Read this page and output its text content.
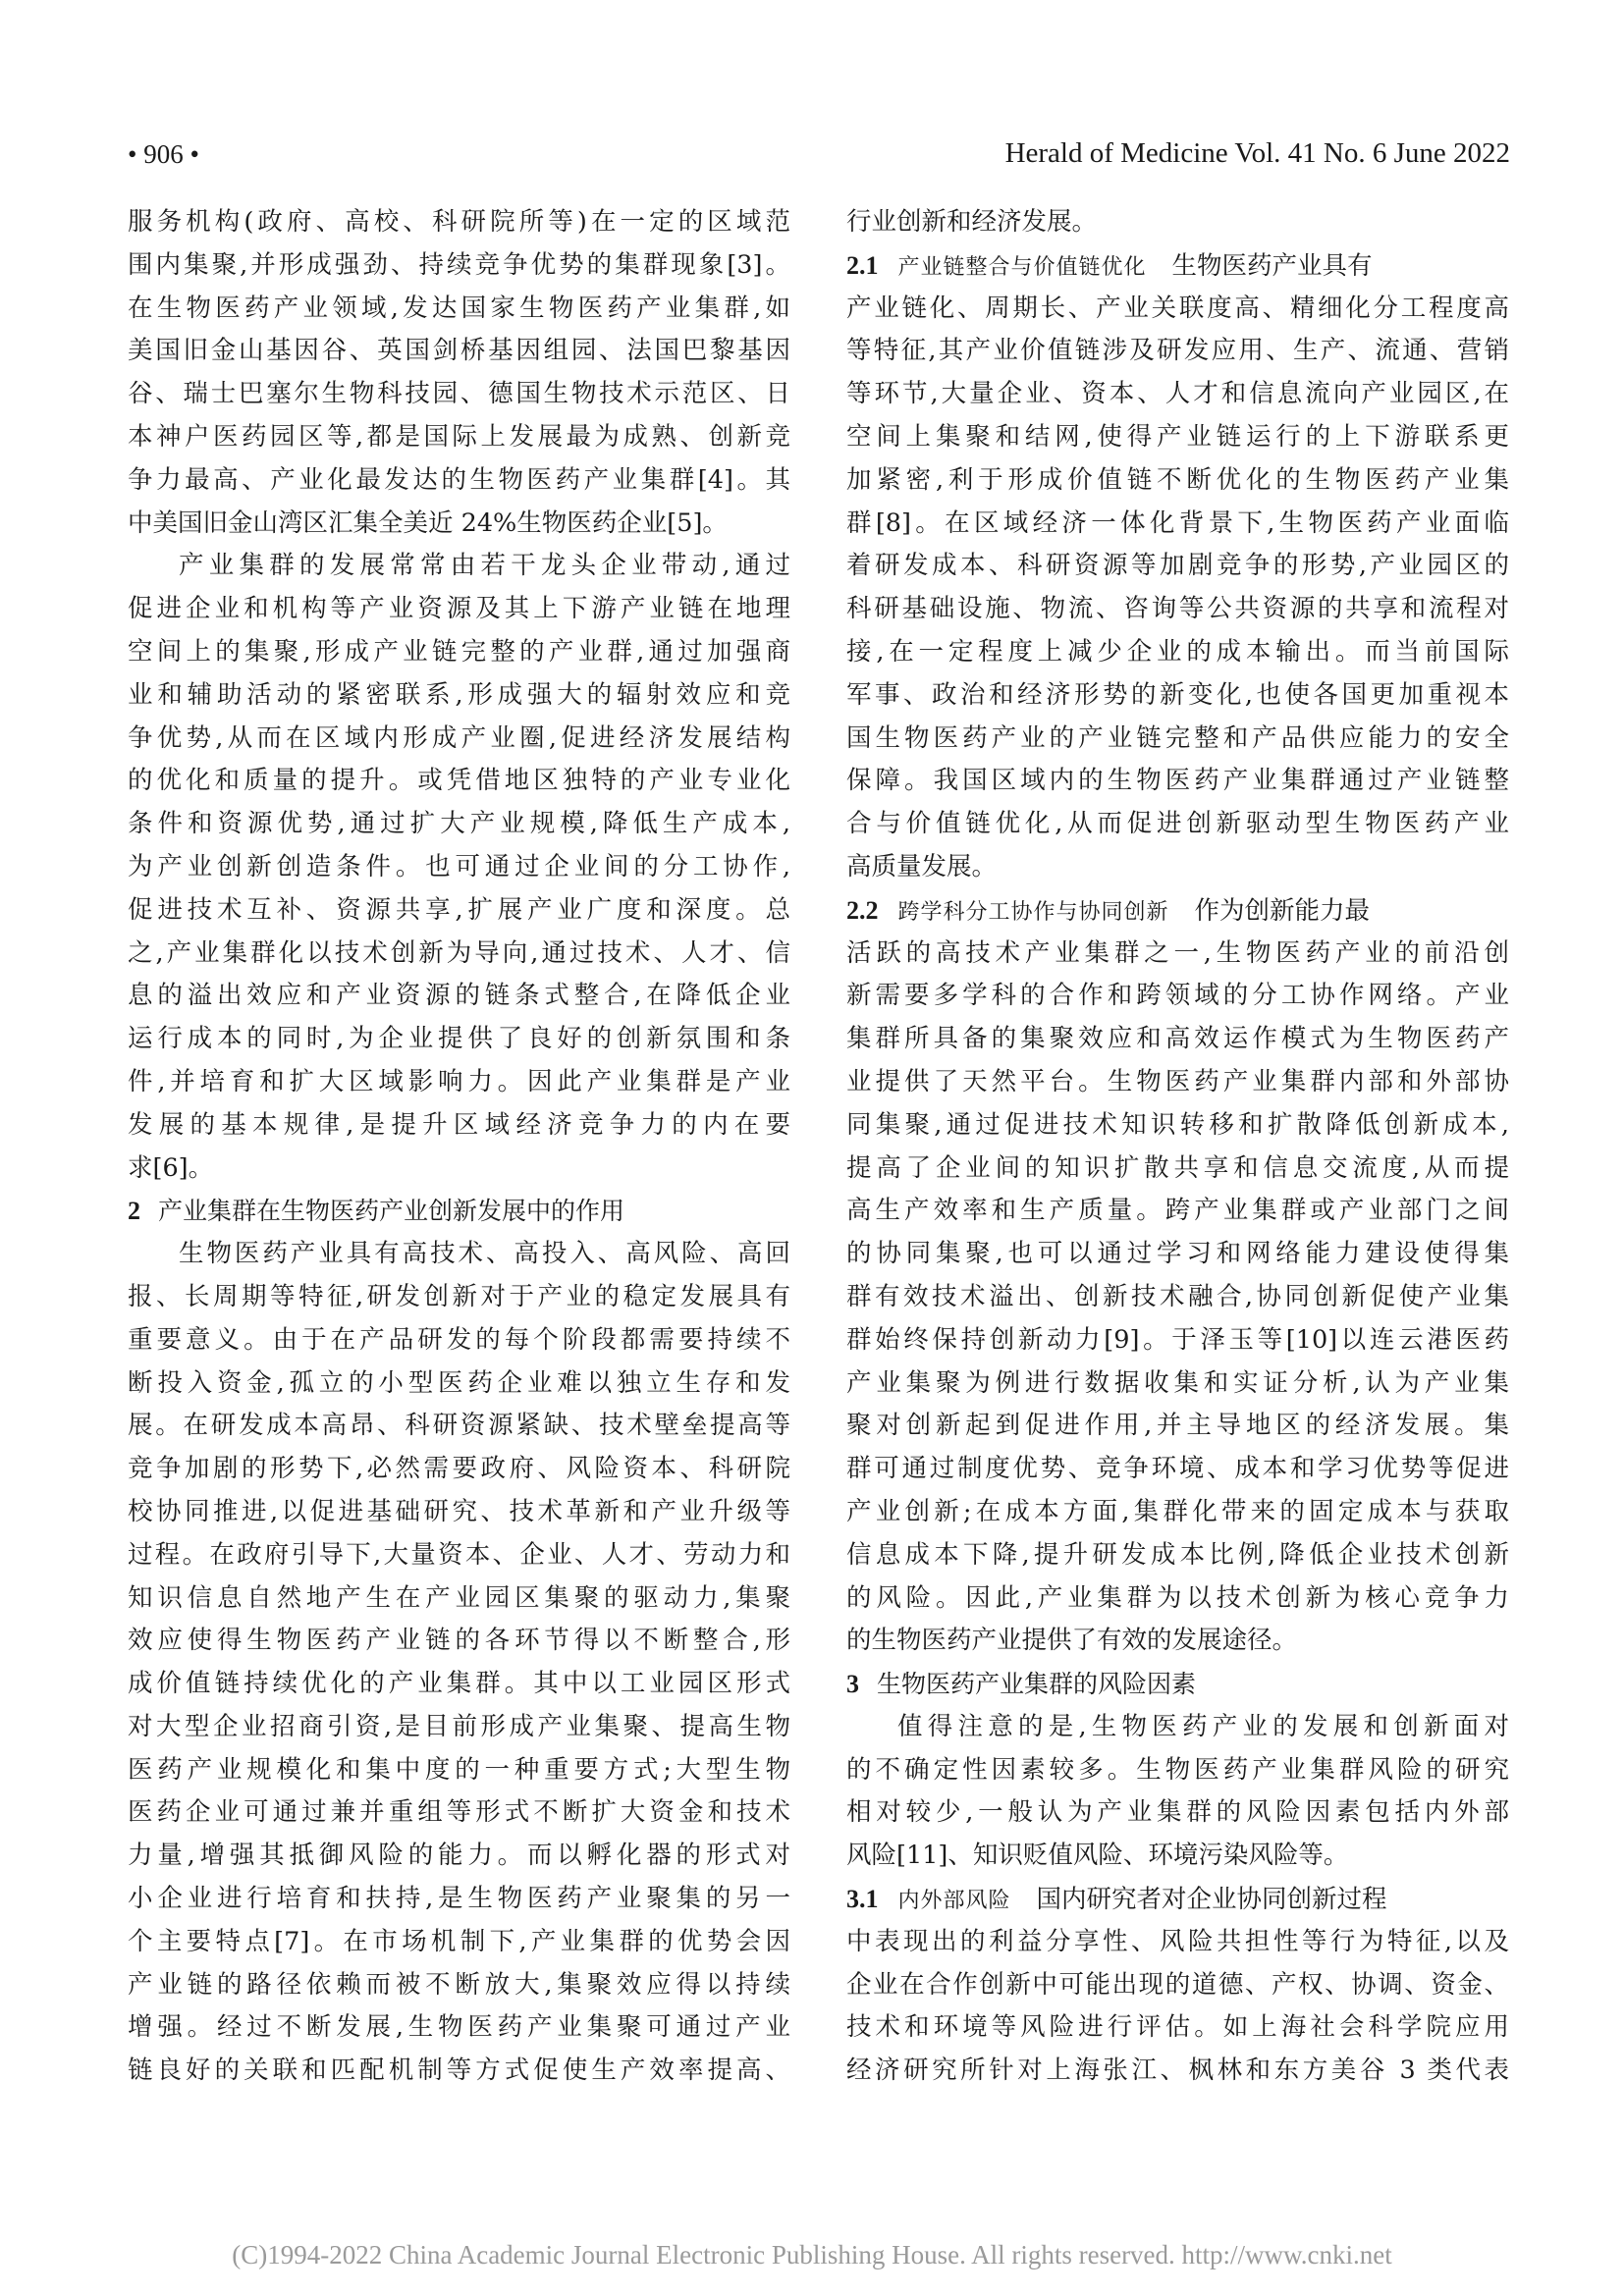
• 906 •	Herald of Medicine Vol. 41 No. 6 June 2022
服务机构(政府、高校、科研院所等)在一定的区域范
围内集聚,并形成强劲、持续竞争优势的集群现象[3]。
在生物医药产业领域,发达国家生物医药产业集群,如
美国旧金山基因谷、英国剑桥基因组园、法国巴黎基因
谷、瑞士巴塞尔生物科技园、德国生物技术示范区、日
本神户医药园区等,都是国际上发展最为成熟、创新竞
争力最高、产业化最发达的生物医药产业集群[4]。其
中美国旧金山湾区汇集全美近 24%生物医药企业[5]。
产业集群的发展常常由若干龙头企业带动,通过
促进企业和机构等产业资源及其上下游产业链在地理
空间上的集聚,形成产业链完整的产业群,通过加强商
业和辅助活动的紧密联系,形成强大的辐射效应和竞
争优势,从而在区域内形成产业圈,促进经济发展结构
的优化和质量的提升。或凭借地区独特的产业专业化
条件和资源优势,通过扩大产业规模,降低生产成本,
为产业创新创造条件。也可通过企业间的分工协作,
促进技术互补、资源共享,扩展产业广度和深度。总
之,产业集群化以技术创新为导向,通过技术、人才、信
息的溢出效应和产业资源的链条式整合,在降低企业
运行成本的同时,为企业提供了良好的创新氛围和条
件,并培育和扩大区域影响力。因此产业集群是产业
发展的基本规律,是提升区域经济竞争力的内在要
求[6]。
2 产业集群在生物医药产业创新发展中的作用
生物医药产业具有高技术、高投入、高风险、高回
报、长周期等特征,研发创新对于产业的稳定发展具有
重要意义。由于在产品研发的每个阶段都需要持续不
断投入资金,孤立的小型医药企业难以独立生存和发
展。在研发成本高昂、科研资源紧缺、技术壁垒提高等
竞争加剧的形势下,必然需要政府、风险资本、科研院
校协同推进,以促进基础研究、技术革新和产业升级等
过程。在政府引导下,大量资本、企业、人才、劳动力和
知识信息自然地产生在产业园区集聚的驱动力,集聚
效应使得生物医药产业链的各环节得以不断整合,形
成价值链持续优化的产业集群。其中以工业园区形式
对大型企业招商引资,是目前形成产业集聚、提高生物
医药产业规模化和集中度的一种重要方式;大型生物
医药企业可通过兼并重组等形式不断扩大资金和技术
力量,增强其抵御风险的能力。而以孵化器的形式对
小企业进行培育和扶持,是生物医药产业聚集的另一
个主要特点[7]。在市场机制下,产业集群的优势会因
产业链的路径依赖而被不断放大,集聚效应得以持续
增强。经过不断发展,生物医药产业集聚可通过产业
链良好的关联和匹配机制等方式促使生产效率提高、
行业创新和经济发展。
2.1 产业链整合与价值链优化 生物医药产业具有
产业链化、周期长、产业关联度高、精细化分工程度高
等特征,其产业价值链涉及研发应用、生产、流通、营销
等环节,大量企业、资本、人才和信息流向产业园区,在
空间上集聚和结网,使得产业链运行的上下游联系更
加紧密,利于形成价值链不断优化的生物医药产业集
群[8]。在区域经济一体化背景下,生物医药产业面临
着研发成本、科研资源等加剧竞争的形势,产业园区的
科研基础设施、物流、咨询等公共资源的共享和流程对
接,在一定程度上减少企业的成本输出。而当前国际
军事、政治和经济形势的新变化,也使各国更加重视本
国生物医药产业的产业链完整和产品供应能力的安全
保障。我国区域内的生物医药产业集群通过产业链整
合与价值链优化,从而促进创新驱动型生物医药产业
高质量发展。
2.2 跨学科分工协作与协同创新 作为创新能力最
活跃的高技术产业集群之一,生物医药产业的前沿创
新需要多学科的合作和跨领域的分工协作网络。产业
集群所具备的集聚效应和高效运作模式为生物医药产
业提供了天然平台。生物医药产业集群内部和外部协
同集聚,通过促进技术知识转移和扩散降低创新成本,
提高了企业间的知识扩散共享和信息交流度,从而提
高生产效率和生产质量。跨产业集群或产业部门之间
的协同集聚,也可以通过学习和网络能力建设使得集
群有效技术溢出、创新技术融合,协同创新促使产业集
群始终保持创新动力[9]。于泽玉等[10]以连云港医药
产业集聚为例进行数据收集和实证分析,认为产业集
聚对创新起到促进作用,并主导地区的经济发展。集
群可通过制度优势、竞争环境、成本和学习优势等促进
产业创新;在成本方面,集群化带来的固定成本与获取
信息成本下降,提升研发成本比例,降低企业技术创新
的风险。因此,产业集群为以技术创新为核心竞争力
的生物医药产业提供了有效的发展途径。
3 生物医药产业集群的风险因素
值得注意的是,生物医药产业的发展和创新面对
的不确定性因素较多。生物医药产业集群风险的研究
相对较少,一般认为产业集群的风险因素包括内外部
风险[11]、知识贬值风险、环境污染风险等。
3.1 内外部风险 国内研究者对企业协同创新过程
中表现出的利益分享性、风险共担性等行为特征,以及
企业在合作创新中可能出现的道德、产权、协调、资金、
技术和环境等风险进行评估。如上海社会科学院应用
经济研究所针对上海张江、枫林和东方美谷 3 类代表
(C)1994-2022 China Academic Journal Electronic Publishing House. All rights reserved. http://www.cnki.net
